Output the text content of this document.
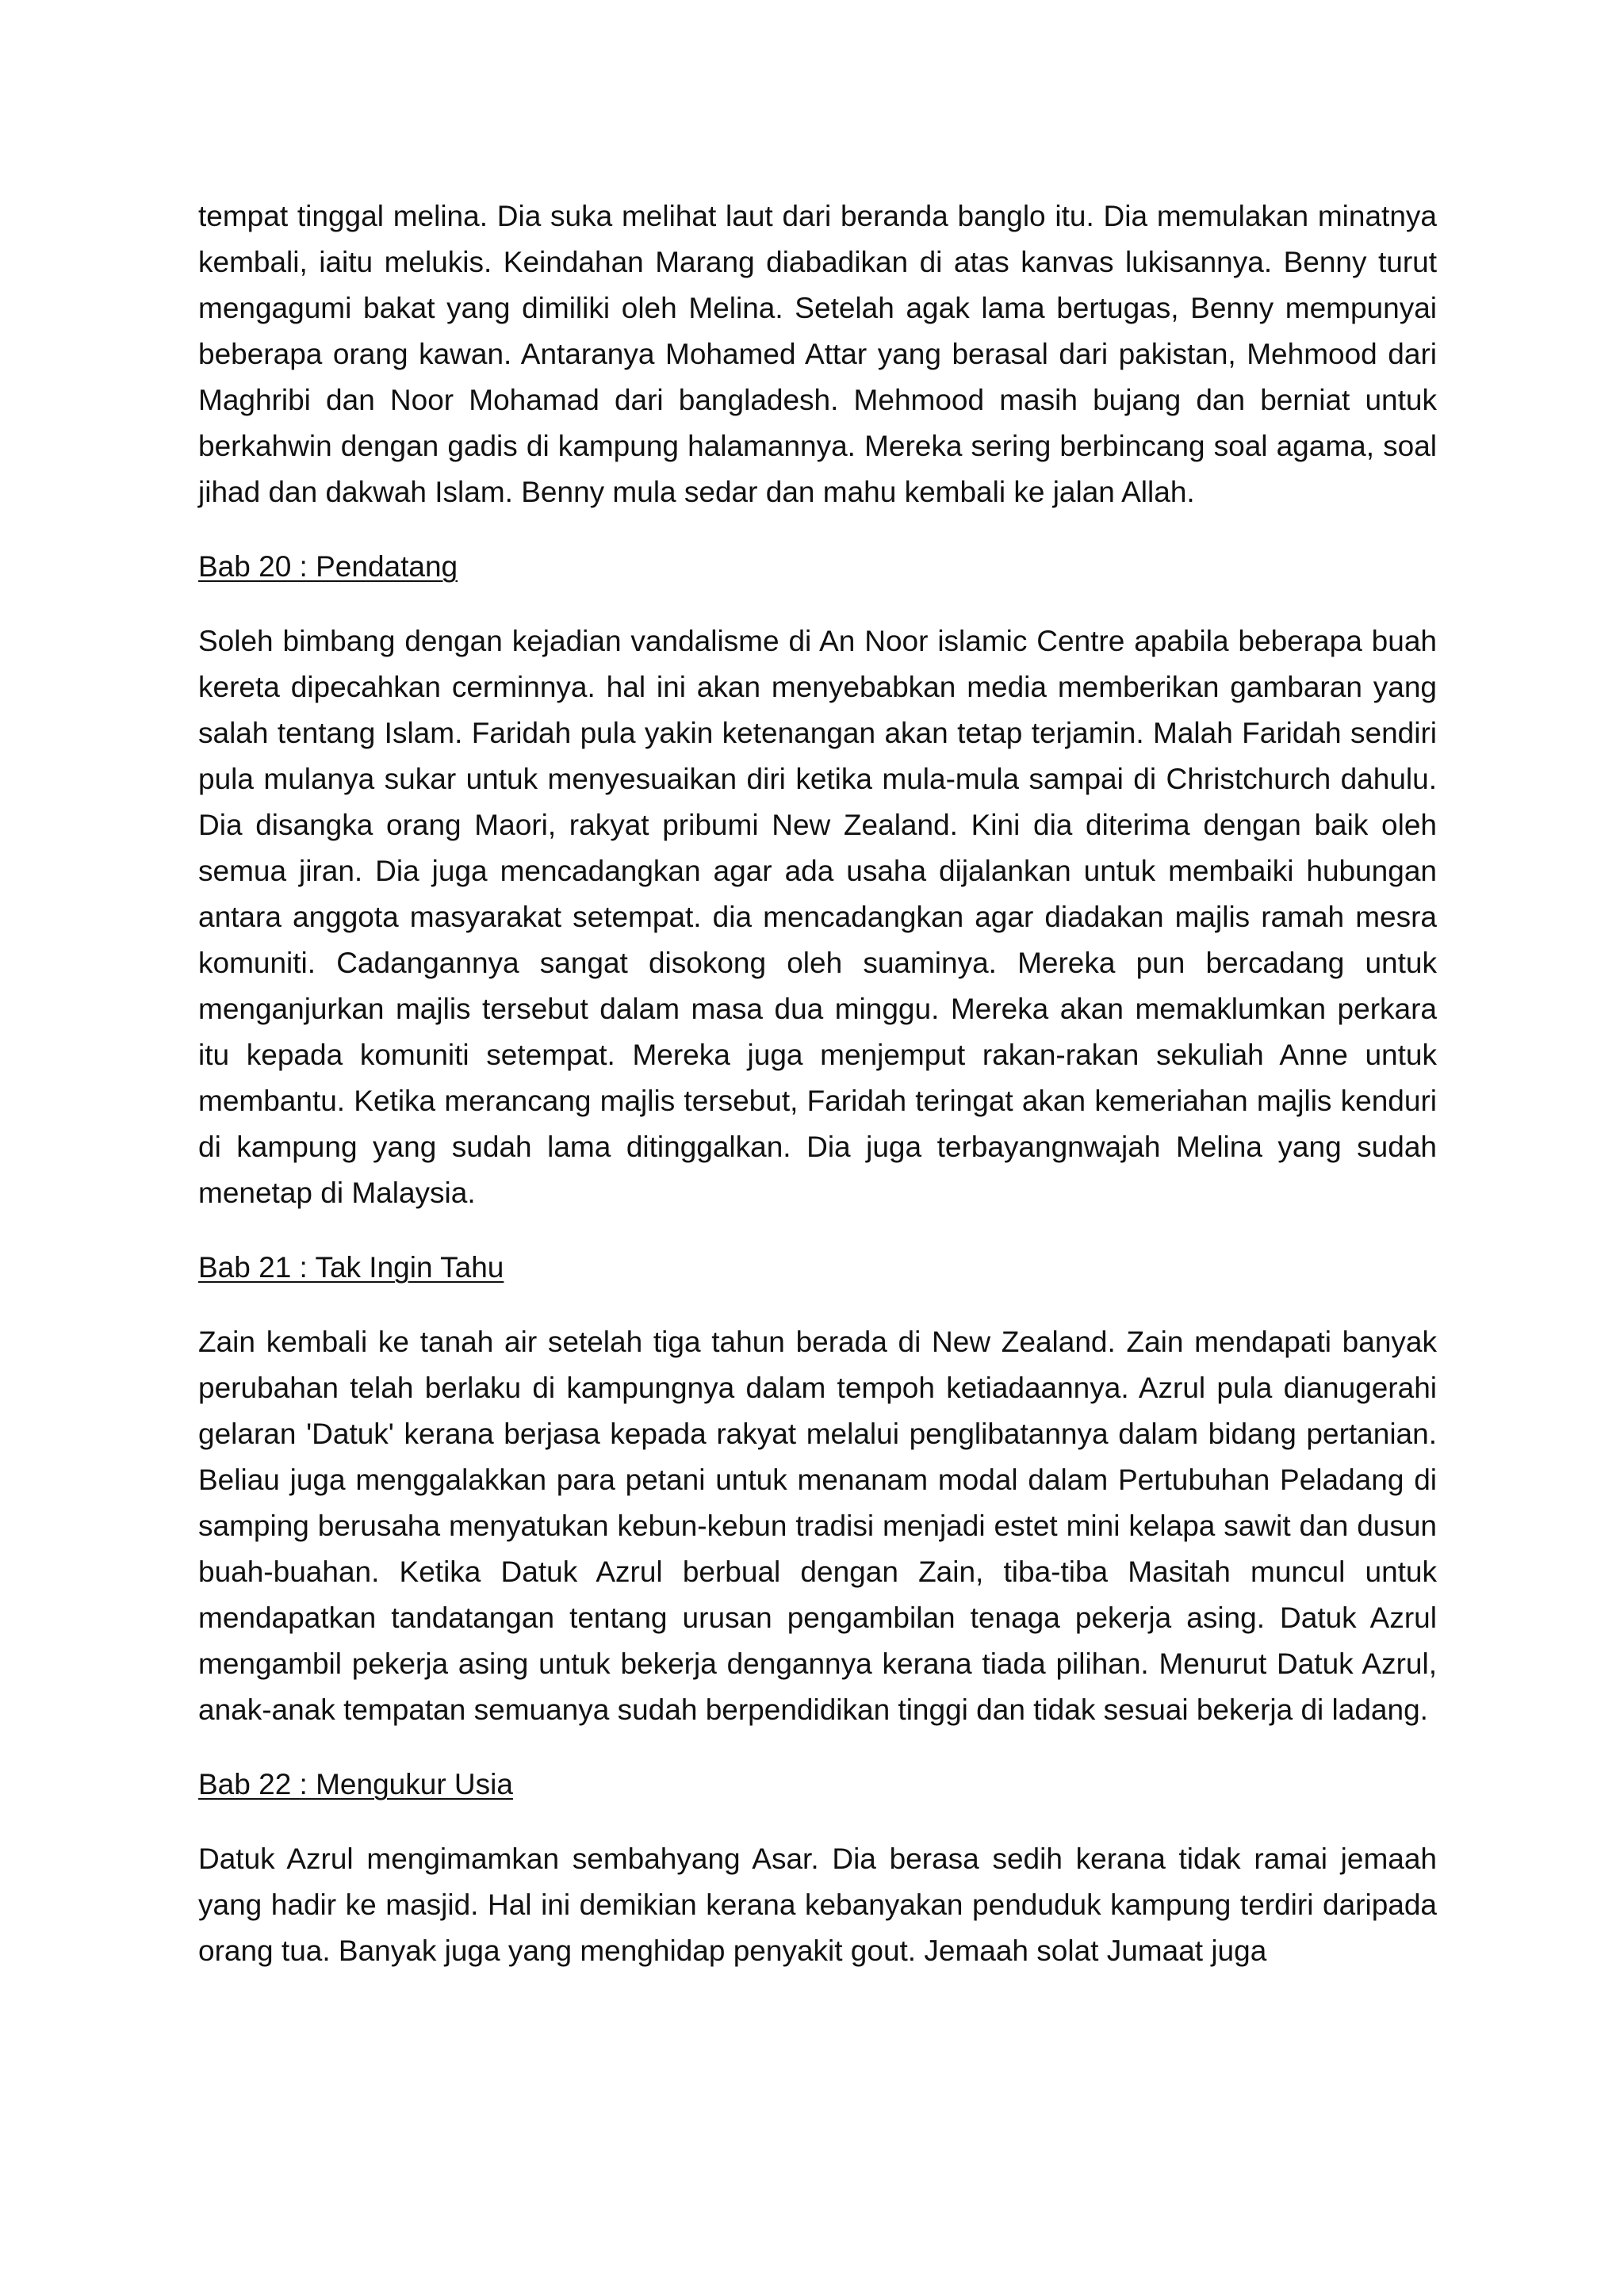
tempat tinggal melina. Dia suka melihat laut dari beranda banglo itu. Dia memulakan minatnya kembali, iaitu melukis. Keindahan Marang diabadikan di atas kanvas lukisannya. Benny turut mengagumi bakat yang dimiliki oleh Melina. Setelah agak lama bertugas, Benny mempunyai beberapa orang kawan. Antaranya Mohamed Attar yang berasal dari pakistan, Mehmood dari Maghribi dan Noor Mohamad dari bangladesh. Mehmood masih bujang dan berniat untuk berkahwin dengan gadis di kampung halamannya. Mereka sering berbincang soal agama, soal jihad dan dakwah Islam. Benny mula sedar dan mahu kembali ke jalan Allah.

Bab 20 : Pendatang

Soleh bimbang dengan kejadian vandalisme di An Noor islamic Centre apabila beberapa buah kereta dipecahkan cerminnya. hal ini akan menyebabkan media memberikan gambaran yang salah tentang Islam. Faridah pula yakin ketenangan akan tetap terjamin. Malah Faridah sendiri pula mulanya sukar untuk menyesuaikan diri ketika mula-mula sampai di Christchurch dahulu. Dia disangka orang Maori, rakyat pribumi New Zealand. Kini dia diterima dengan baik oleh semua jiran. Dia juga mencadangkan agar ada usaha dijalankan untuk membaiki hubungan antara anggota masyarakat setempat. dia mencadangkan agar diadakan majlis ramah mesra komuniti. Cadangannya sangat disokong oleh suaminya. Mereka pun bercadang untuk menganjurkan majlis tersebut dalam masa dua minggu. Mereka akan memaklumkan perkara itu kepada komuniti setempat. Mereka juga menjemput rakan-rakan sekuliah Anne untuk membantu. Ketika merancang majlis tersebut, Faridah teringat akan kemeriahan majlis kenduri di kampung yang sudah lama ditinggalkan. Dia juga terbayangnwajah Melina yang sudah menetap di Malaysia.

Bab 21 : Tak Ingin Tahu

Zain kembali ke tanah air setelah tiga tahun berada di New Zealand. Zain mendapati banyak perubahan telah berlaku di kampungnya dalam tempoh ketiadaannya. Azrul pula dianugerahi gelaran 'Datuk' kerana berjasa kepada rakyat melalui penglibatannya dalam bidang pertanian. Beliau juga menggalakkan para petani untuk menanam modal dalam Pertubuhan Peladang di samping berusaha menyatukan kebun-kebun tradisi menjadi estet mini kelapa sawit dan dusun buah-buahan. Ketika Datuk Azrul berbual dengan Zain, tiba-tiba Masitah muncul untuk mendapatkan tandatangan tentang urusan pengambilan tenaga pekerja asing. Datuk Azrul mengambil pekerja asing untuk bekerja dengannya kerana tiada pilihan. Menurut Datuk Azrul, anak-anak tempatan semuanya sudah berpendidikan tinggi dan tidak sesuai bekerja di ladang.

Bab 22 : Mengukur Usia

Datuk Azrul mengimamkan sembahyang Asar. Dia berasa sedih kerana tidak ramai jemaah yang hadir ke masjid. Hal ini demikian kerana kebanyakan penduduk kampung terdiri daripada orang tua. Banyak juga yang menghidap penyakit gout. Jemaah solat Jumaat juga
